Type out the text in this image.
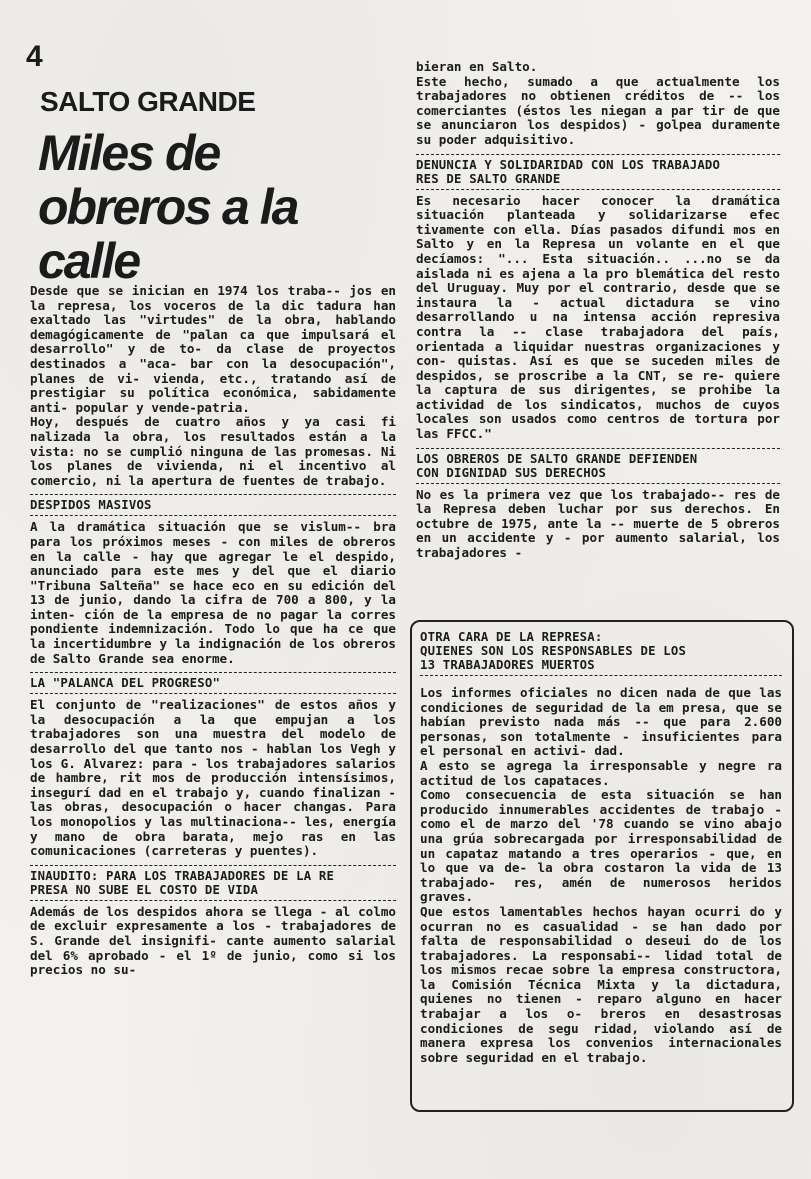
4
SALTO GRANDE
Miles de obreros a la calle

Desde que se inician en 1974 los traba-- jos en la represa, los voceros de la dic tadura han exaltado las "virtudes" de la obra, hablando demagógicamente de "palan ca que impulsará el desarrollo" y de to- da clase de proyectos destinados a "aca- bar con la desocupación", planes de vi- vienda, etc., tratando así de prestigiar su política económica, sabidamente anti- popular y vende-patria.

Hoy, después de cuatro años y ya casi fi nalizada la obra, los resultados están a la vista: no se cumplió ninguna de las promesas. Ni los planes de vivienda, ni el incentivo al comercio, ni la apertura de fuentes de trabajo.

DESPIDOS MASIVOS

A la dramática situación que se vislum-- bra para los próximos meses - con miles de obreros en la calle - hay que agregar le el despido, anunciado para este mes y del que el diario "Tribuna Salteña" se hace eco en su edición del 13 de junio, dando la cifra de 700 a 800, y la inten- ción de la empresa de no pagar la corres pondiente indemnización. Todo lo que ha ce que la incertidumbre y la indignación de los obreros de Salto Grande sea enorme.

LA "PALANCA DEL PROGRESO"

El conjunto de "realizaciones" de estos años y la desocupación a la que empujan a los trabajadores son una muestra del modelo de desarrollo del que tanto nos - hablan los Vegh y los G. Alvarez: para - los trabajadores salarios de hambre, rit mos de producción intensísimos, insegurí dad en el trabajo y, cuando finalizan - las obras, desocupación o hacer changas. Para los monopolios y las multinaciona-- les, energía y mano de obra barata, mejo ras en las comunicaciones (carreteras y puentes).

INAUDITO: PARA LOS TRABAJADORES DE LA RE
PRESA NO SUBE EL COSTO DE VIDA

Además de los despidos ahora se llega - al colmo de excluir expresamente a los - trabajadores de S. Grande del insignifi- cante aumento salarial del 6% aprobado - el 1º de junio, como si los precios no su-

bieran en Salto.
Este hecho, sumado a que actualmente los trabajadores no obtienen créditos de -- los comerciantes (éstos les niegan a par tir de que se anunciaron los despidos) - golpea duramente su poder adquisitivo.

DENUNCIA Y SOLIDARIDAD CON LOS TRABAJADO
RES DE SALTO GRANDE

Es necesario hacer conocer la dramática situación planteada y solidarizarse efec tivamente con ella. Días pasados difundi mos en Salto y en la Represa un volante en el que decíamos: "... Esta situación.. ...no se da aislada ni es ajena a la pro blemática del resto del Uruguay. Muy por el contrario, desde que se instaura la - actual dictadura se vino desarrollando u na intensa acción represiva contra la -- clase trabajadora del país, orientada a liquidar nuestras organizaciones y con- quistas. Así es que se suceden miles de despidos, se proscribe a la CNT, se re- quiere la captura de sus dirigentes, se prohibe la actividad de los sindicatos, muchos de cuyos locales son usados como centros de tortura por las FFCC."

LOS OBREROS DE SALTO GRANDE DEFIENDEN
CON DIGNIDAD SUS DERECHOS

No es la primera vez que los trabajado-- res de la Represa deben luchar por sus derechos. En octubre de 1975, ante la -- muerte de 5 obreros en un accidente y - por aumento salarial, los trabajadores -

OTRA CARA DE LA REPRESA:
QUIENES SON LOS RESPONSABLES DE LOS
13 TRABAJADORES MUERTOS

Los informes oficiales no dicen nada de que las condiciones de seguridad de la em presa, que se habían previsto nada más -- que para 2.600 personas, son totalmente - insuficientes para el personal en activi- dad.

A esto se agrega la irresponsable y negre ra actitud de los capataces.

Como consecuencia de esta situación se han producido innumerables accidentes de trabajo - como el de marzo del '78 cuando se vino abajo una grúa sobrecargada por irresponsabilidad de un capataz matando a tres operarios - que, en lo que va de- la obra costaron la vida de 13 trabajado- res, amén de numerosos heridos graves.

Que estos lamentables hechos hayan ocurri do y ocurran no es casualidad - se han dado por falta de responsabilidad o deseui do de los trabajadores. La responsabi-- lidad total de los mismos recae sobre la empresa constructora, la Comisión Técnica Mixta y la dictadura, quienes no tienen - reparo alguno en hacer trabajar a los o- breros en desastrosas condiciones de segu ridad, violando así de manera expresa los convenios internacionales sobre seguridad en el trabajo.
